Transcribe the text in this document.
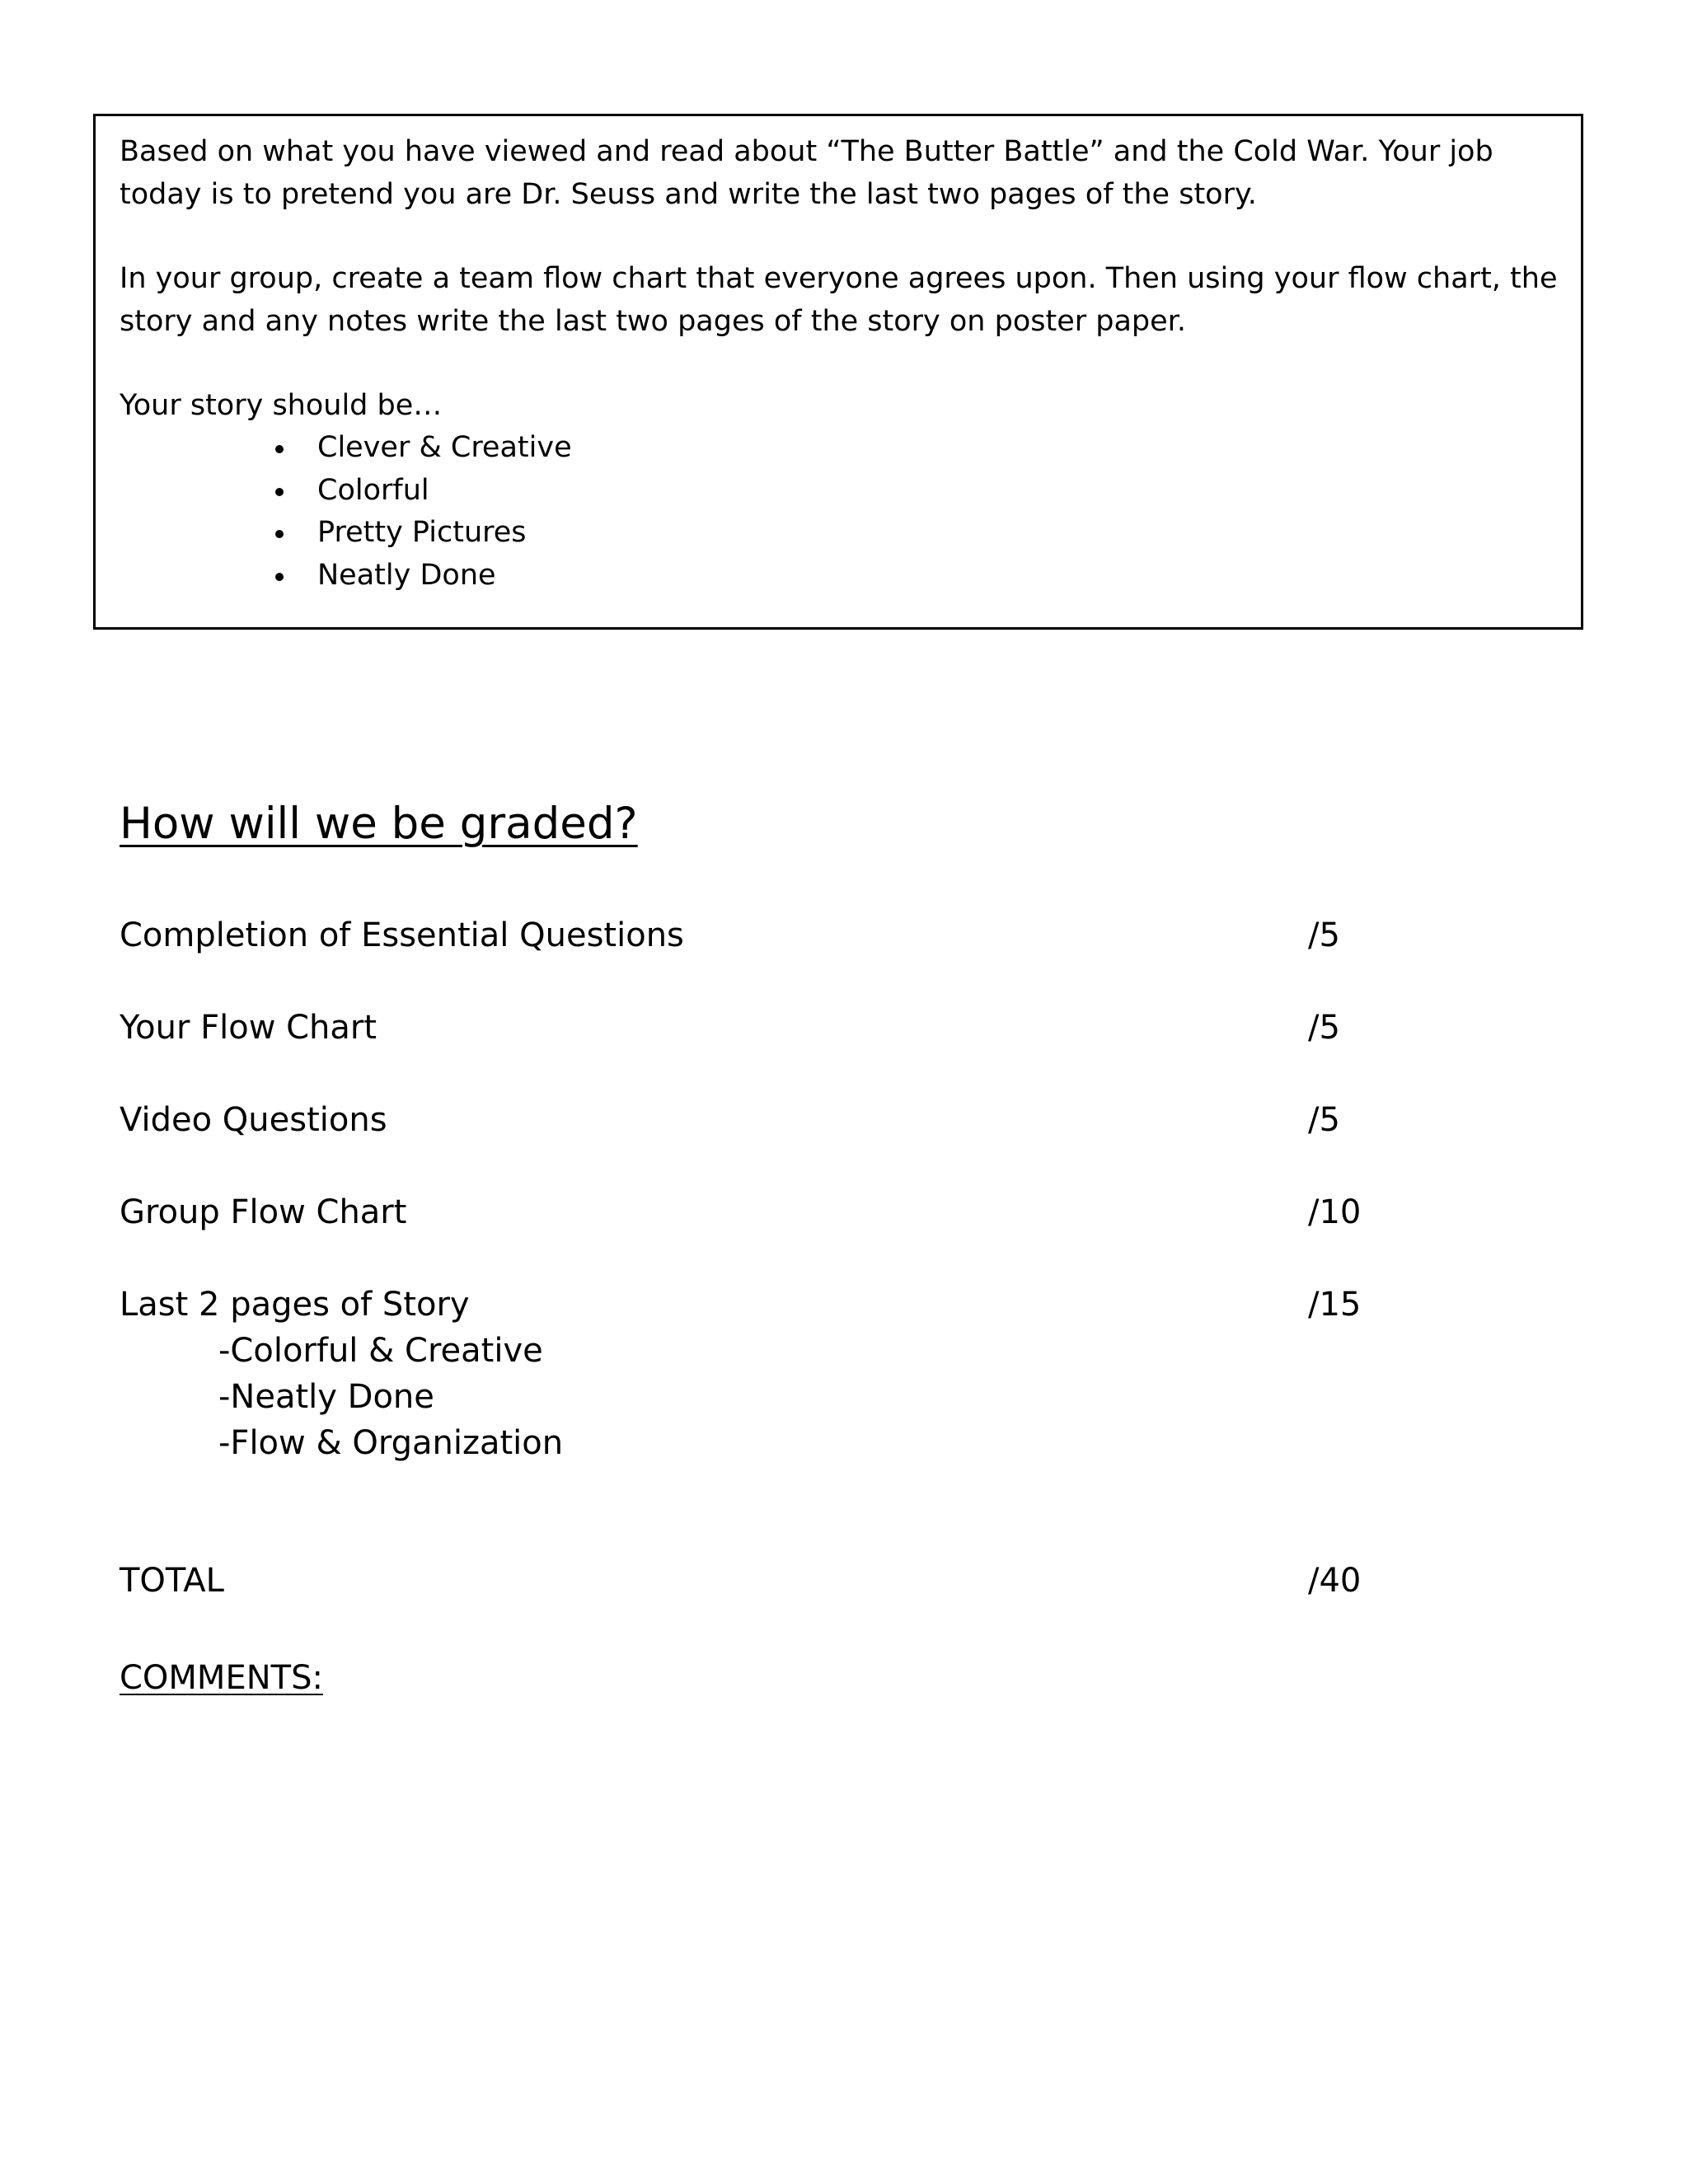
Based on what you have viewed and read about “The Butter Battle” and the Cold War. Your job today is to pretend you are Dr. Seuss and write the last two pages of the story.

In your group, create a team flow chart that everyone agrees upon. Then using your flow chart, the story and any notes write the last two pages of the story on poster paper.

Your story should be…

Clever & Creative
Colorful
Pretty Pictures
Neatly Done
How will we be graded?
Completion of Essential Questions	/5
Your Flow Chart	/5
Video Questions	/5
Group Flow Chart	/10
Last 2 pages of Story	/15
-Colorful & Creative
-Neatly Done
-Flow & Organization
TOTAL	/40
COMMENTS:
